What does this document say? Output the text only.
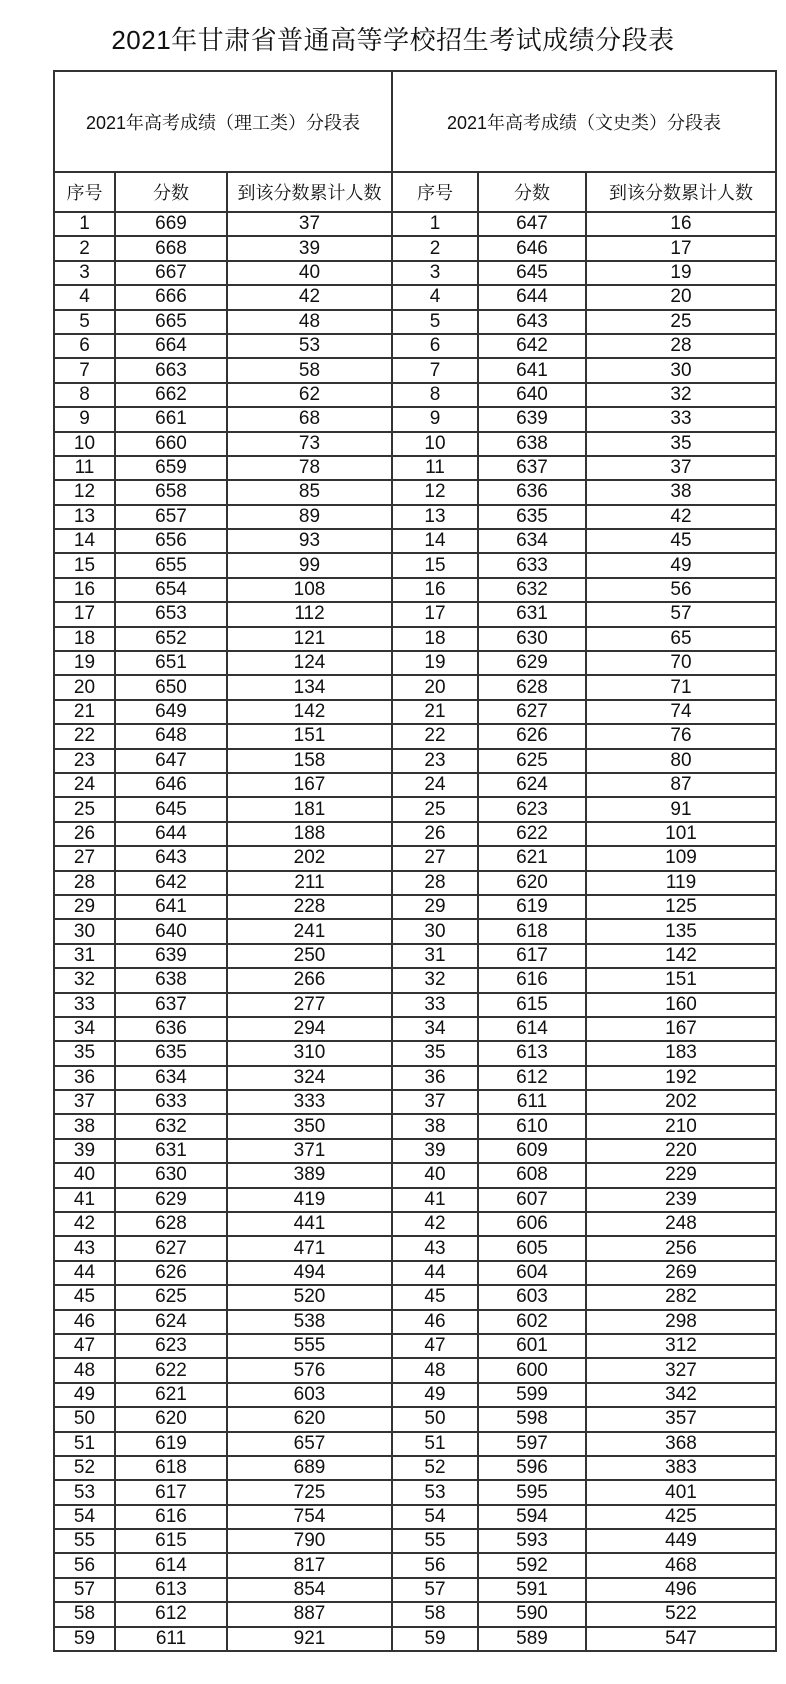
2021年甘肃省普通高等学校招生考试成绩分段表
2021年高考成绩（理工类）分段表			2021年高考成绩（文史类）分段表		
序号	分数	到该分数累计人数	序号	分数	到该分数累计人数
1	669	37	1	647	16
2	668	39	2	646	17
3	667	40	3	645	19
4	666	42	4	644	20
5	665	48	5	643	25
6	664	53	6	642	28
7	663	58	7	641	30
8	662	62	8	640	32
9	661	68	9	639	33
10	660	73	10	638	35
11	659	78	11	637	37
12	658	85	12	636	38
13	657	89	13	635	42
14	656	93	14	634	45
15	655	99	15	633	49
16	654	108	16	632	56
17	653	112	17	631	57
18	652	121	18	630	65
19	651	124	19	629	70
20	650	134	20	628	71
21	649	142	21	627	74
22	648	151	22	626	76
23	647	158	23	625	80
24	646	167	24	624	87
25	645	181	25	623	91
26	644	188	26	622	101
27	643	202	27	621	109
28	642	211	28	620	119
29	641	228	29	619	125
30	640	241	30	618	135
31	639	250	31	617	142
32	638	266	32	616	151
33	637	277	33	615	160
34	636	294	34	614	167
35	635	310	35	613	183
36	634	324	36	612	192
37	633	333	37	611	202
38	632	350	38	610	210
39	631	371	39	609	220
40	630	389	40	608	229
41	629	419	41	607	239
42	628	441	42	606	248
43	627	471	43	605	256
44	626	494	44	604	269
45	625	520	45	603	282
46	624	538	46	602	298
47	623	555	47	601	312
48	622	576	48	600	327
49	621	603	49	599	342
50	620	620	50	598	357
51	619	657	51	597	368
52	618	689	52	596	383
53	617	725	53	595	401
54	616	754	54	594	425
55	615	790	55	593	449
56	614	817	56	592	468
57	613	854	57	591	496
58	612	887	58	590	522
59	611	921	59	589	547
